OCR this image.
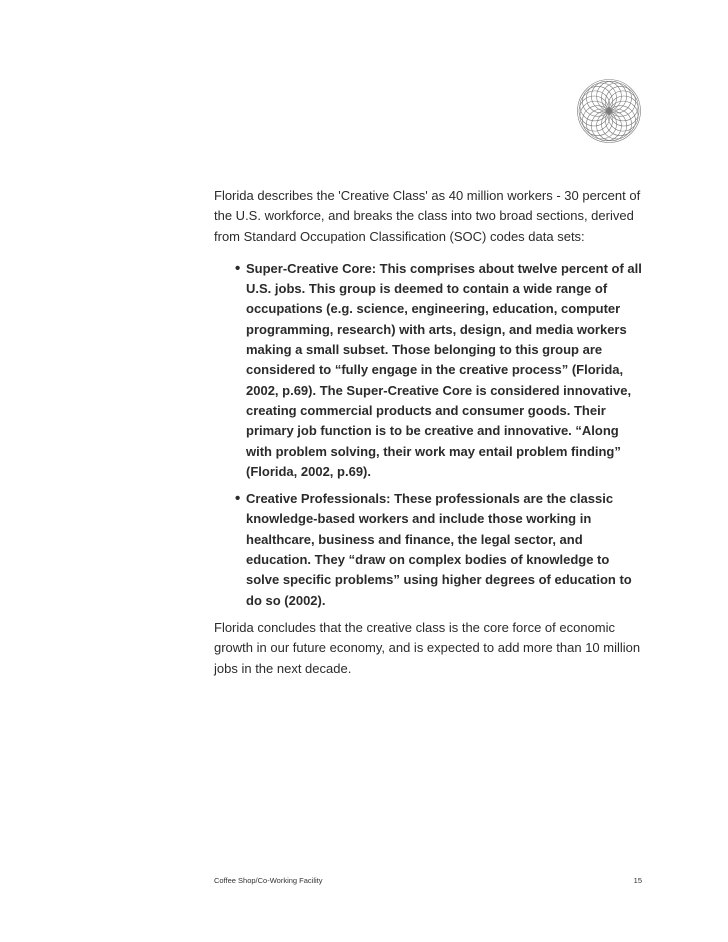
Florida describes the 'Creative Class' as 40 million workers - 30 percent of the U.S. workforce, and breaks the class into two broad sections, derived from Standard Occupation Classification (SOC) codes data sets:

• Super-Creative Core: This comprises about twelve percent of all U.S. jobs. This group is deemed to contain a wide range of occupations (e.g. science, engineering, education, computer programming, research) with arts, design, and media workers making a small subset. Those belonging to this group are considered to “fully engage in the creative process” (Florida, 2002, p.69). The Super-Creative Core is considered innovative, creating commercial products and consumer goods. Their primary job function is to be creative and innovative. “Along with problem solving, their work may entail problem finding” (Florida, 2002, p.69).
• Creative Professionals: These professionals are the classic knowledge-based workers and include those working in healthcare, business and finance, the legal sector, and education. They “draw on complex bodies of knowledge to solve specific problems” using higher degrees of education to do so (2002).

Florida concludes that the creative class is the core force of economic growth in our future economy, and is expected to add more than 10 million jobs in the next decade.

Coffee Shop/Co-Working Facility	15
